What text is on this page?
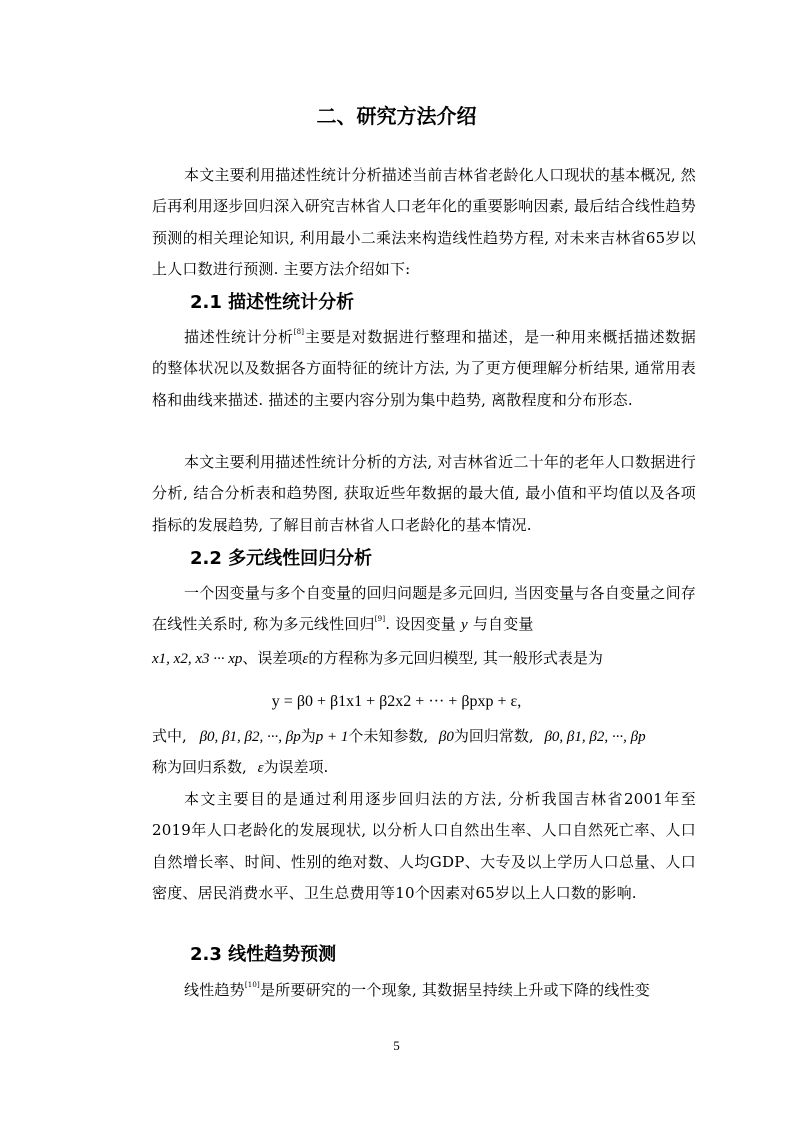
二、研究方法介绍
本文主要利用描述性统计分析描述当前吉林省老龄化人口现状的基本概况, 然后再利用逐步回归深入研究吉林省人口老年化的重要影响因素, 最后结合线性趋势预测的相关理论知识, 利用最小二乘法来构造线性趋势方程, 对未来吉林省65岁以上人口数进行预测. 主要方法介绍如下:
2.1 描述性统计分析
描述性统计分析[8]主要是对数据进行整理和描述，是一种用来概括描述数据的整体状况以及数据各方面特征的统计方法, 为了更方便理解分析结果, 通常用表格和曲线来描述. 描述的主要内容分别为集中趋势, 离散程度和分布形态.
本文主要利用描述性统计分析的方法, 对吉林省近二十年的老年人口数据进行分析, 结合分析表和趋势图, 获取近些年数据的最大值, 最小值和平均值以及各项指标的发展趋势, 了解目前吉林省人口老龄化的基本情况.
2.2 多元线性回归分析
一个因变量与多个自变量的回归问题是多元回归, 当因变量与各自变量之间存在线性关系时, 称为多元线性回归[9]. 设因变量 y 与自变量
x1, x2, x3 ··· xp、误差项ε的方程称为多元回归模型, 其一般形式表是为
y = β0 + β1x1 + β2x2 + ··· + βpxp + ε,
式中, β0, β1, β2, ···, βp为p + 1个未知参数, β0为回归常数, β0, β1, β2, ···, βp
称为回归系数, ε为误差项.
本文主要目的是通过利用逐步回归法的方法, 分析我国吉林省2001年至2019年人口老龄化的发展现状, 以分析人口自然出生率、人口自然死亡率、人口自然增长率、时间、性别的绝对数、人均GDP、大专及以上学历人口总量、人口密度、居民消费水平、卫生总费用等10个因素对65岁以上人口数的影响.
2.3 线性趋势预测
线性趋势[10]是所要研究的一个现象, 其数据呈持续上升或下降的线性变
5
